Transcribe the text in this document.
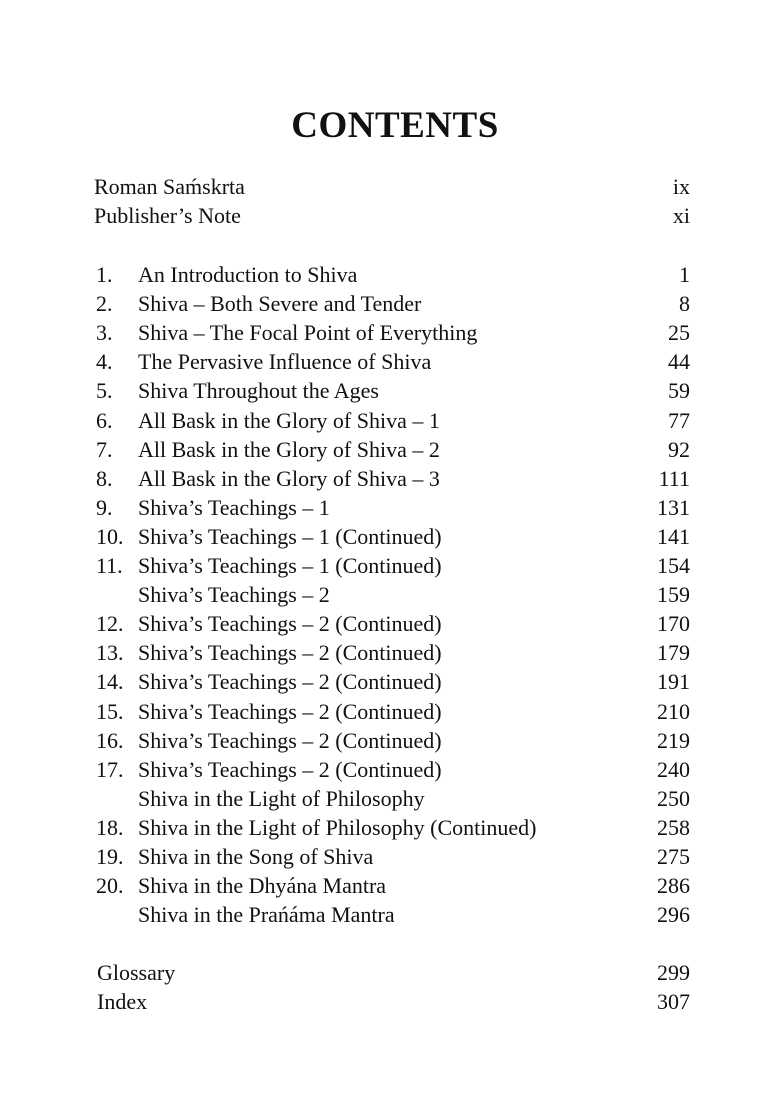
CONTENTS
Roman Saḿskrta	ix
Publisher’s Note	xi
1. An Introduction to Shiva	1
2. Shiva – Both Severe and Tender	8
3. Shiva – The Focal Point of Everything	25
4. The Pervasive Influence of Shiva	44
5. Shiva Throughout the Ages	59
6. All Bask in the Glory of Shiva – 1	77
7. All Bask in the Glory of Shiva – 2	92
8. All Bask in the Glory of Shiva – 3	111
9. Shiva’s Teachings – 1	131
10. Shiva’s Teachings – 1 (Continued)	141
11. Shiva’s Teachings – 1 (Continued)	154
Shiva’s Teachings – 2	159
12. Shiva’s Teachings – 2 (Continued)	170
13. Shiva’s Teachings – 2 (Continued)	179
14. Shiva’s Teachings – 2 (Continued)	191
15. Shiva’s Teachings – 2 (Continued)	210
16. Shiva’s Teachings – 2 (Continued)	219
17. Shiva’s Teachings – 2 (Continued)	240
Shiva in the Light of Philosophy	250
18. Shiva in the Light of Philosophy (Continued)	258
19. Shiva in the Song of Shiva	275
20. Shiva in the Dhyána Mantra	286
Shiva in the Prańáma Mantra	296
Glossary	299
Index	307
